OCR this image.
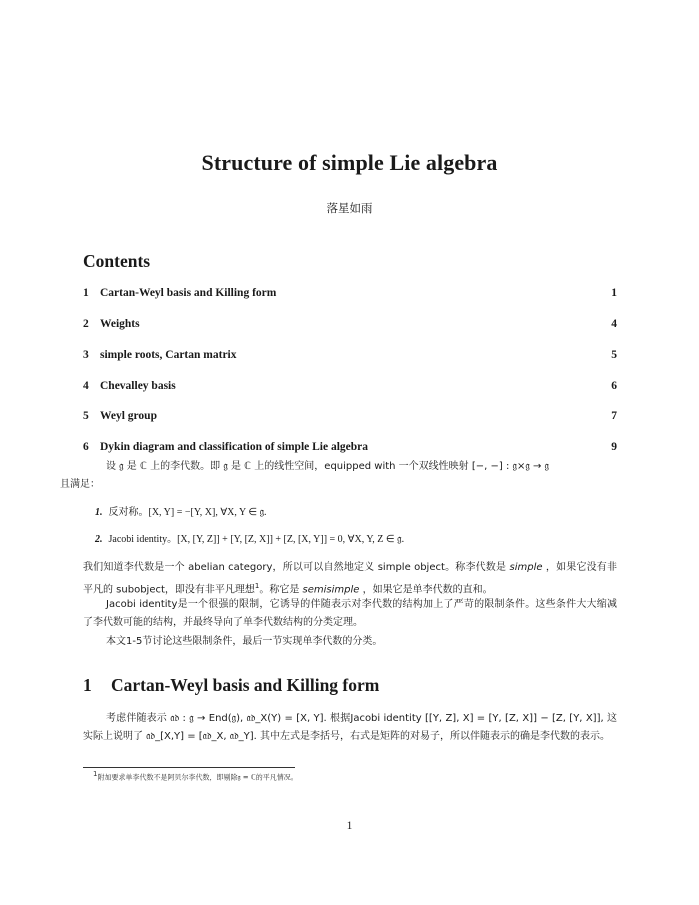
Structure of simple Lie algebra
落星如雨
Contents
1 Cartan-Weyl basis and Killing form	1
2 Weights	4
3 simple roots, Cartan matrix	5
4 Chevalley basis	6
5 Weyl group	7
6 Dykin diagram and classification of simple Lie algebra	9
设 𝔤 是 ℂ 上的李代数。即 𝔤 是 ℂ 上的线性空间，equipped with 一个双线性映射 [−, −] : 𝔤×𝔤 → 𝔤
且满足：
1. 反对称。[X, Y] = −[Y, X], ∀X, Y ∈ 𝔤.
2. Jacobi identity。[X, [Y, Z]] + [Y, [Z, X]] + [Z, [X, Y]] = 0, ∀X, Y, Z ∈ 𝔤.
我们知道李代数是一个 abelian category，所以可以自然地定义 simple object。称李代数是 simple ，如果它没有非平凡的 subobject，即没有非平凡理想$^1$。称它是 semisimple ，如果它是单李代数的直和。
Jacobi identity是一个很强的限制，它诱导的伴随表示对李代数的结构加上了严苛的限制条件。这些条件大大缩减了李代数可能的结构，并最终导向了单李代数结构的分类定理。
本文1-5节讨论这些限制条件，最后一节实现单李代数的分类。
1	Cartan-Weyl basis and Killing form
考虑伴随表示 𝔞𝔡 : 𝔤 → End(𝔤), 𝔞𝔡_X(Y) = [X, Y]. 根据Jacobi identity [[Y, Z], X] = [Y, [Z, X]] − [Z, [Y, X]], 这实际上说明了 𝔞𝔡_[X,Y] = [𝔞𝔡_X, 𝔞𝔡_Y]. 其中左式是李括号，右式是矩阵的对易子，所以伴随表示的确是李代数的表示。
$^1$附加要求单李代数不是阿贝尔李代数，即剔除𝔤 = ℂ的平凡情况。
1
